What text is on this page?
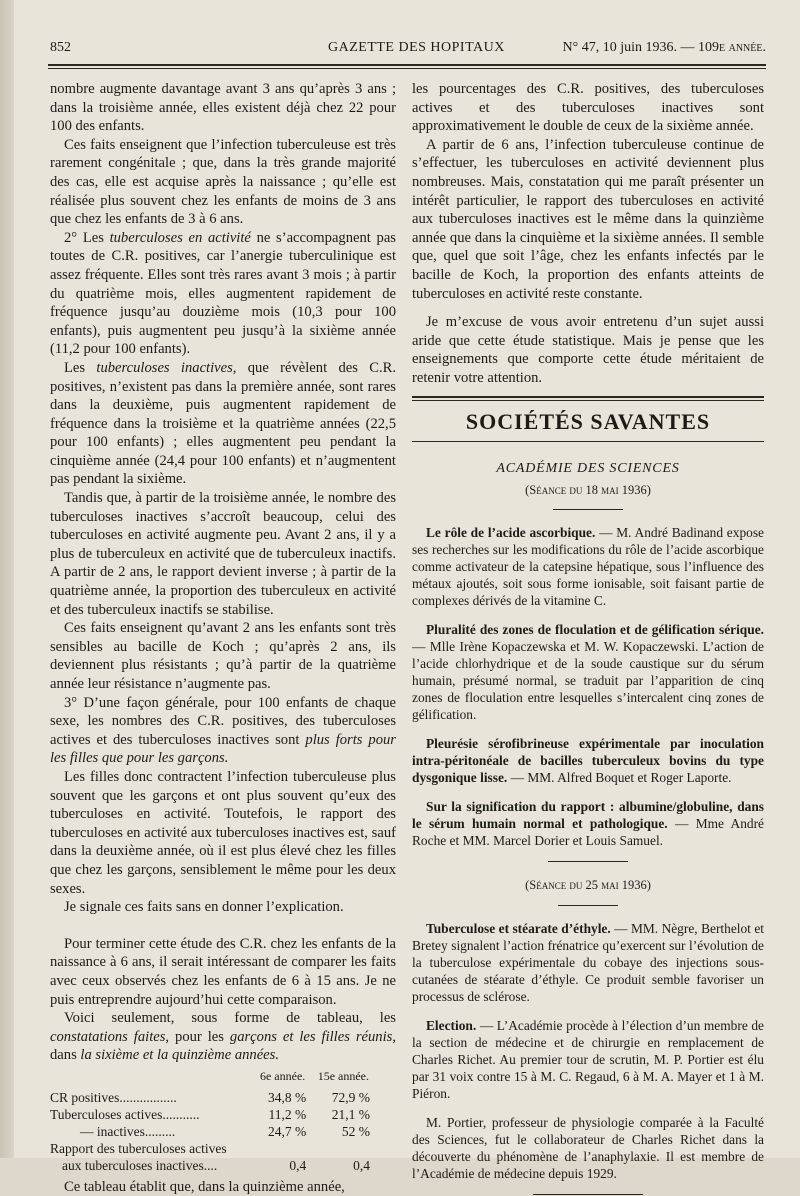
852	GAZETTE DES HOPITAUX	N° 47, 10 juin 1936. — 109e année.

nombre augmente davantage avant 3 ans qu’après 3 ans ; dans la troisième année, elles existent déjà chez 22 pour 100 des enfants.

Ces faits enseignent que l’infection tuberculeuse est très rarement congénitale ; que, dans la très grande majorité des cas, elle est acquise après la naissance ; qu’elle est réalisée plus souvent chez les enfants de moins de 3 ans que chez les enfants de 3 à 6 ans.

2° Les tuberculoses en activité ne s’accompagnent pas toutes de C.R. positives, car l’anergie tuberculinique est assez fréquente. Elles sont très rares avant 3 mois ; à partir du quatrième mois, elles augmentent rapidement de fréquence jusqu’au douzième mois (10,3 pour 100 enfants), puis augmentent peu jusqu’à la sixième année (11,2 pour 100 enfants).

Les tuberculoses inactives, que révèlent des C.R. positives, n’existent pas dans la première année, sont rares dans la deuxième, puis augmentent rapidement de fréquence dans la troisième et la quatrième années (22,5 pour 100 enfants) ; elles augmentent peu pendant la cinquième année (24,4 pour 100 enfants) et n’augmentent pas pendant la sixième.

Tandis que, à partir de la troisième année, le nombre des tuberculoses inactives s’accroît beaucoup, celui des tuberculoses en activité augmente peu. Avant 2 ans, il y a plus de tuberculeux en activité que de tuberculeux inactifs. A partir de 2 ans, le rapport devient inverse ; à partir de la quatrième année, la proportion des tuberculeux en activité et des tuberculeux inactifs se stabilise.

Ces faits enseignent qu’avant 2 ans les enfants sont très sensibles au bacille de Koch ; qu’après 2 ans, ils deviennent plus résistants ; qu’à partir de la quatrième année leur résistance n’augmente pas.

3° D’une façon générale, pour 100 enfants de chaque sexe, les nombres des C.R. positives, des tuberculoses actives et des tuberculoses inactives sont plus forts pour les filles que pour les garçons.

Les filles donc contractent l’infection tuberculeuse plus souvent que les garçons et ont plus souvent qu’eux des tuberculoses en activité. Toutefois, le rapport des tuberculoses en activité aux tuberculoses inactives est, sauf dans la deuxième année, où il est plus élevé chez les filles que chez les garçons, sensiblement le même pour les deux sexes.

Je signale ces faits sans en donner l’explication.

Pour terminer cette étude des C.R. chez les enfants de la naissance à 6 ans, il serait intéressant de comparer les faits avec ceux observés chez les enfants de 6 à 15 ans. Je ne puis entreprendre aujourd’hui cette comparaison.

Voici seulement, sous forme de tableau, les constatations faites, pour les garçons et les filles réunis, dans la sixième et la quinzième années.

	6e année.	15e année.
CR positives.................	34,8 %	72,9 %
Tuberculoses actives...........	11,2 %	21,1 %
— inactives.........	24,7 %	52 %
Rapport des tuberculoses actives		
aux tuberculoses inactives....	0,4	0,4

Ce tableau établit que, dans la quinzième année,

les pourcentages des C.R. positives, des tuberculoses actives et des tuberculoses inactives sont approximativement le double de ceux de la sixième année.

A partir de 6 ans, l’infection tuberculeuse continue de s’effectuer, les tuberculoses en activité deviennent plus nombreuses. Mais, constatation qui me paraît présenter un intérêt particulier, le rapport des tuberculoses en activité aux tuberculoses inactives est le même dans la quinzième année que dans la cinquième et la sixième années. Il semble que, quel que soit l’âge, chez les enfants infectés par le bacille de Koch, la proportion des enfants atteints de tuberculoses en activité reste constante.

Je m’excuse de vous avoir entretenu d’un sujet aussi aride que cette étude statistique. Mais je pense que les enseignements que comporte cette étude méritaient de retenir votre attention.

SOCIÉTÉS SAVANTES
ACADÉMIE DES SCIENCES
(Séance du 18 mai 1936)
Le rôle de l’acide ascorbique. — M. André Badinand expose ses recherches sur les modifications du rôle de l’acide ascorbique comme activateur de la catepsine hépatique, sous l’influence des métaux ajoutés, soit sous forme ionisable, soit faisant partie de complexes dérivés de la vitamine C.
Pluralité des zones de floculation et de gélification sérique. — Mlle Irène Kopaczewska et M. W. Kopaczewski. L’action de l’acide chlorhydrique et de la soude caustique sur du sérum humain, présumé normal, se traduit par l’apparition de cinq zones de floculation entre lesquelles s’intercalent cinq zones de gélification.
Pleurésie sérofibrineuse expérimentale par inoculation intra-péritonéale de bacilles tuberculeux bovins du type dysgonique lisse. — MM. Alfred Boquet et Roger Laporte.
Sur la signification du rapport : albumine/globuline, dans le sérum humain normal et pathologique. — Mme André Roche et MM. Marcel Dorier et Louis Samuel.
(Séance du 25 mai 1936)
Tuberculose et stéarate d’éthyle. — MM. Nègre, Berthelot et Bretey signalent l’action frénatrice qu’exercent sur l’évolution de la tuberculose expérimentale du cobaye des injections sous-cutanées de stéarate d’éthyle. Ce produit semble favoriser un processus de sclérose.
Election. — L’Académie procède à l’élection d’un membre de la section de médecine et de chirurgie en remplacement de Charles Richet. Au premier tour de scrutin, M. P. Portier est élu par 31 voix contre 15 à M. C. Regaud, 6 à M. A. Mayer et 1 à M. Piéron.
M. Portier, professeur de physiologie comparée à la Faculté des Sciences, fut le collaborateur de Charles Richet dans la découverte du phénomène de l’anaphylaxie. Il est membre de l’Académie de médecine depuis 1929.
